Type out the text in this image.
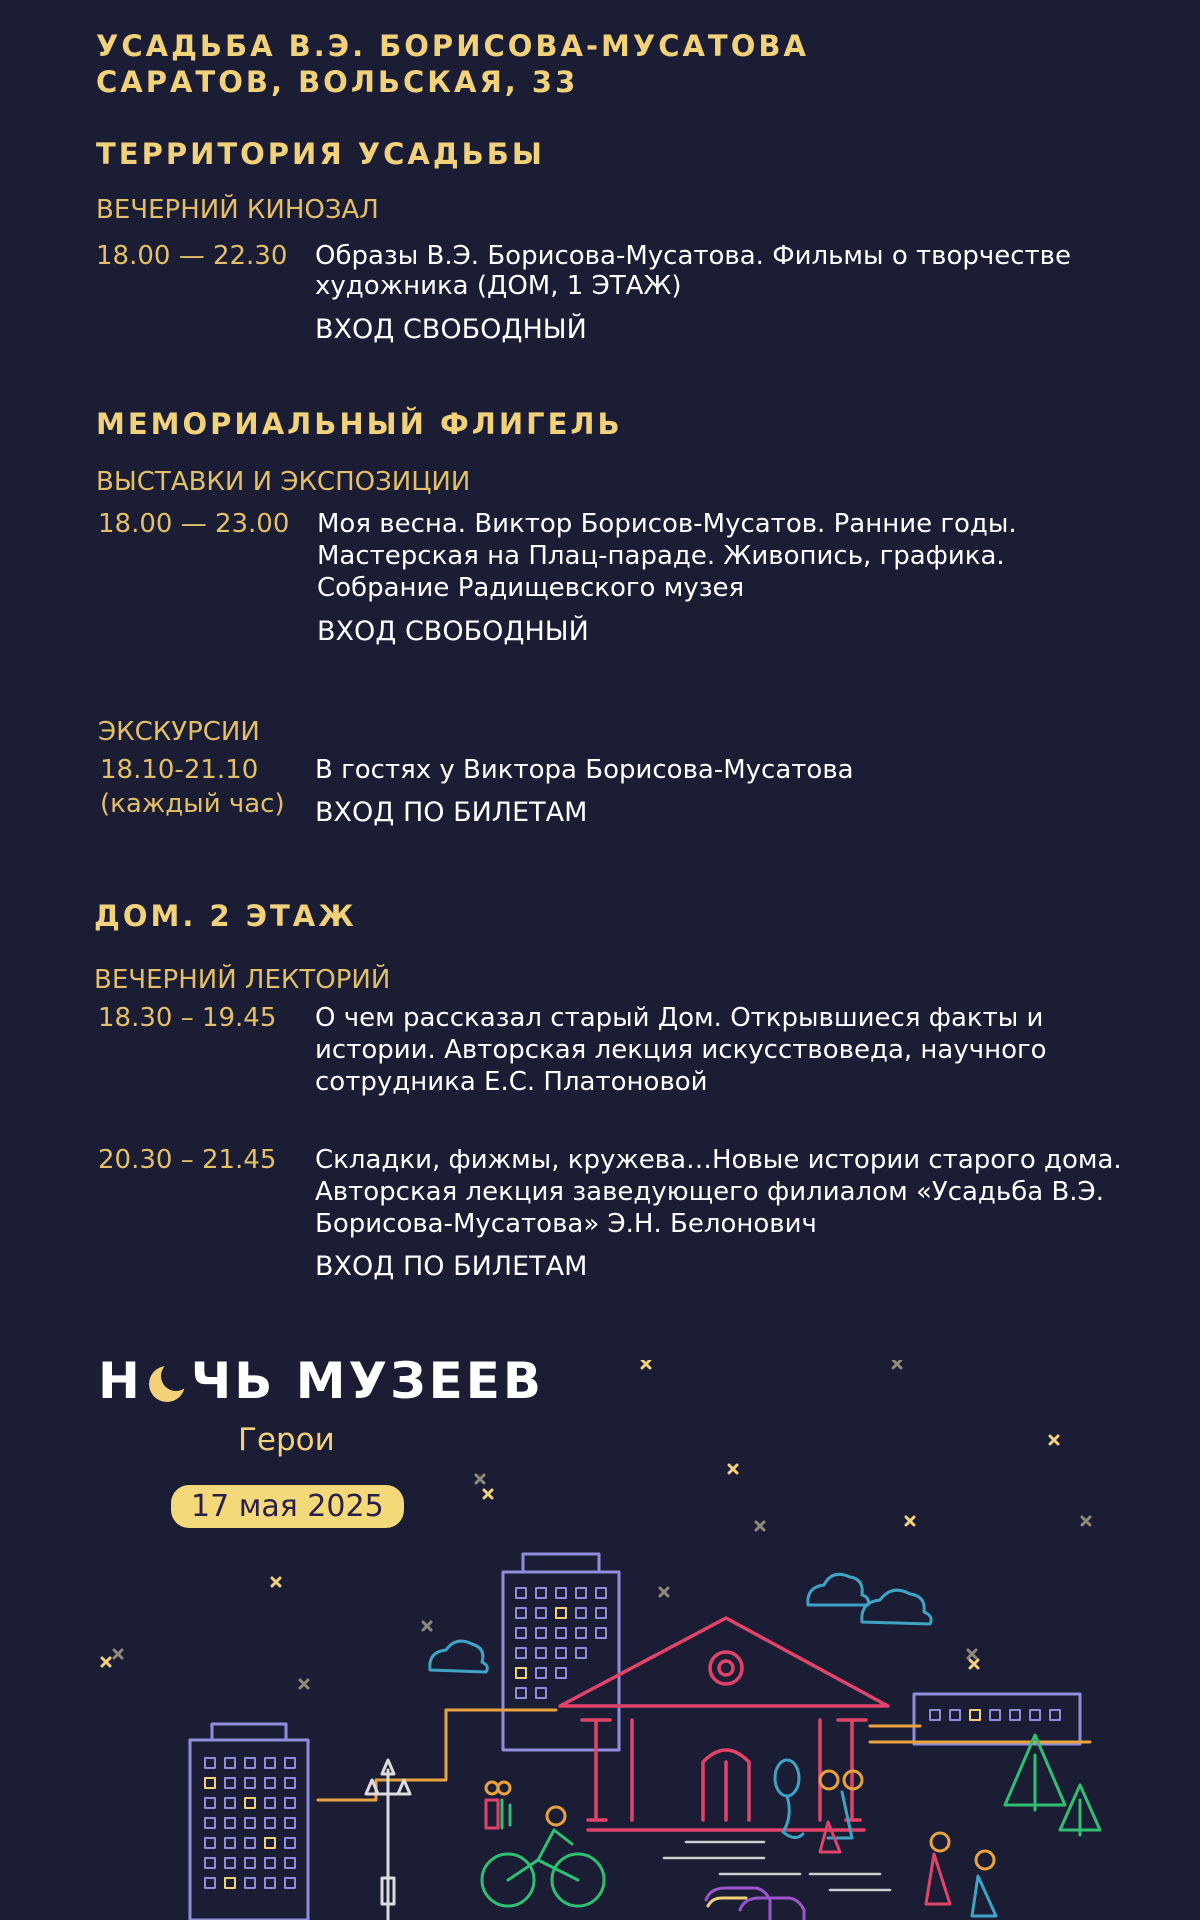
УСАДЬБА В.Э. БОРИСОВА-МУСАТОВА
САРАТОВ, ВОЛЬСКАЯ, 33
ТЕРРИТОРИЯ УСАДЬБЫ
ВЕЧЕРНИЙ КИНОЗАЛ
18.00 — 22.30 Образы В.Э. Борисова-Мусатова. Фильмы о творчестве
художника (ДОМ, 1 ЭТАЖ)
ВХОД СВОБОДНЫЙ
МЕМОРИАЛЬНЫЙ ФЛИГЕЛЬ
ВЫСТАВКИ И ЭКСПОЗИЦИИ
18.00 — 23.00 Моя весна. Виктор Борисов-Мусатов. Ранние годы.
Мастерская на Плац-параде. Живопись, графика.
Собрание Радищевского музея
ВХОД СВОБОДНЫЙ
ЭКСКУРСИИ
18.10-21.10
(каждый час)
В гостях у Виктора Борисова-Мусатова
ВХОД ПО БИЛЕТАМ
ДОМ. 2 ЭТАЖ
ВЕЧЕРНИЙ ЛЕКТОРИЙ
18.30 – 19.45 О чем рассказал старый Дом. Открывшиеся факты и
истории. Авторская лекция искусствоведа, научного
сотрудника Е.С. Платоновой
20.30 – 21.45 Складки, фижмы, кружева…Новые истории старого дома.
Авторская лекция заведующего филиалом «Усадьба В.Э.
Борисова-Мусатова» Э.Н. Белонович
ВХОД ПО БИЛЕТАМ
Н ЧЬ МУЗЕЕВ
Герои
17 мая 2025
